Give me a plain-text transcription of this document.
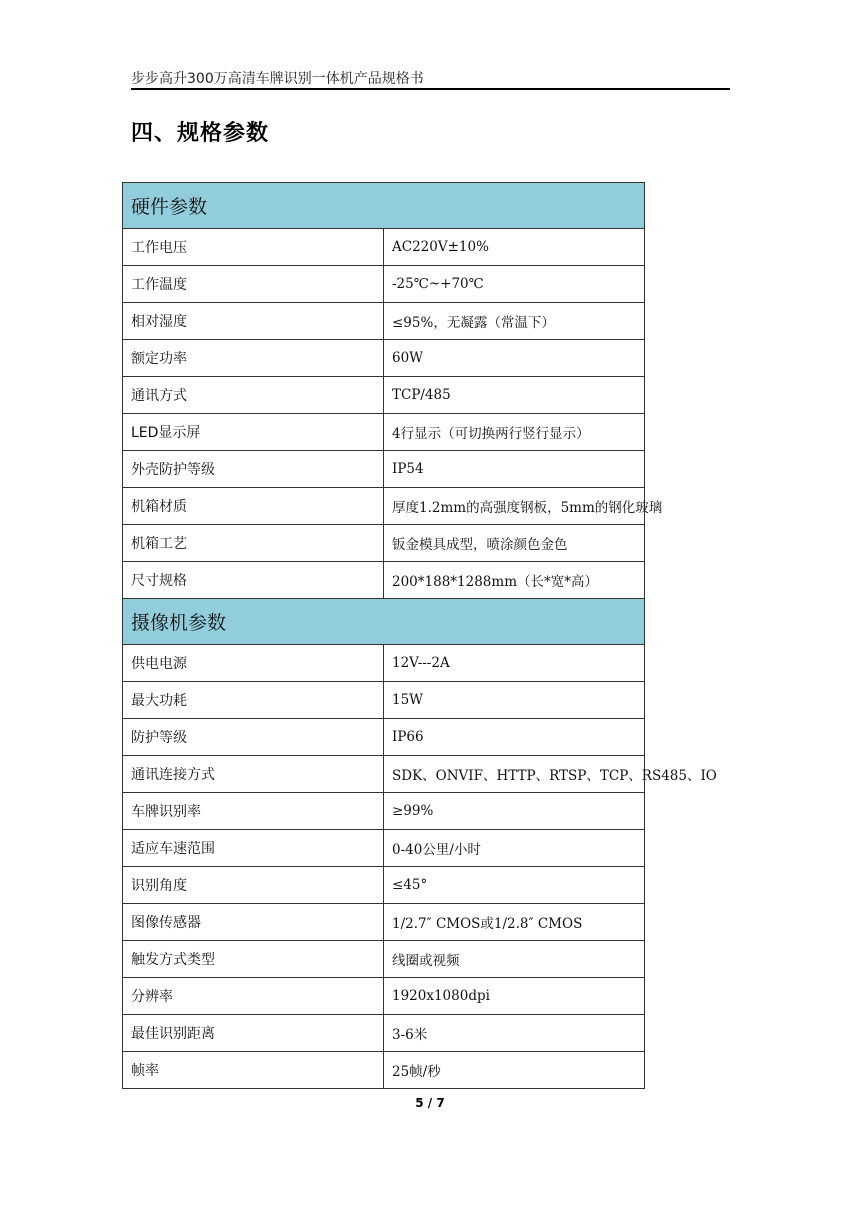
步步高升300万高清车牌识别一体机产品规格书
四、规格参数
硬件参数	
工作电压	AC220V±10%
工作温度	-25℃~+70℃
相对湿度	≤95%，无凝露（常温下）
额定功率	60W
通讯方式	TCP/485
LED显示屏	4行显示（可切换两行竖行显示）
外壳防护等级	IP54
机箱材质	厚度1.2mm的高强度钢板，5mm的钢化玻璃
机箱工艺	钣金模具成型，喷涂颜色金色
尺寸规格	200*188*1288mm（长*宽*高）
摄像机参数	
供电电源	12V---2A
最大功耗	15W
防护等级	IP66
通讯连接方式	SDK、ONVIF、HTTP、RTSP、TCP、RS485、IO
车牌识别率	≥99%
适应车速范围	0-40公里/小时
识别角度	≤45°
图像传感器	1/2.7″ CMOS或1/2.8″ CMOS
触发方式类型	线圈或视频
分辨率	1920x1080dpi
最佳识别距离	3-6米
帧率	25帧/秒
5 / 7
